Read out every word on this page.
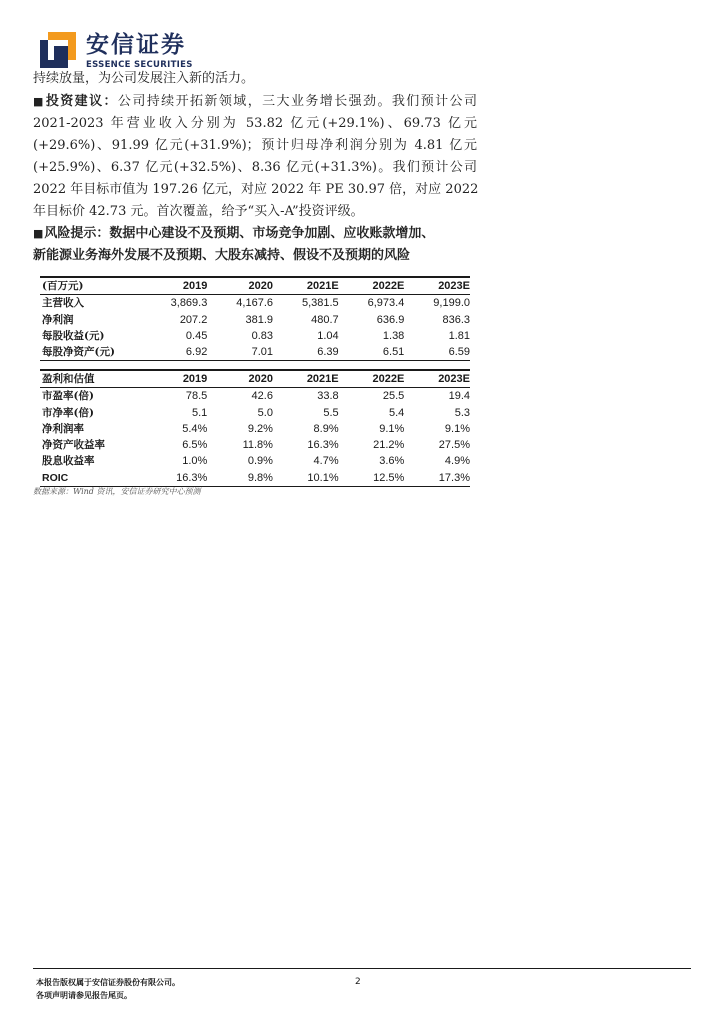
安信证券
ESSENCE SECURITIES
持续放量，为公司发展注入新的活力。
■投资建议：公司持续开拓新领域，三大业务增长强劲。我们预计公司
2021-2023 年营业收入分别为 53.82 亿元(+29.1%)、69.73 亿元
(+29.6%)、91.99 亿元(+31.9%)；预计归母净利润分别为 4.81 亿元
(+25.9%)、6.37 亿元(+32.5%)、8.36 亿元(+31.3%)。我们预计公司
2022 年目标市值为 197.26 亿元，对应 2022 年 PE 30.97 倍，对应 2022
年目标价 42.73 元。首次覆盖，给予“买入-A”投资评级。
■风险提示：数据中心建设不及预期、市场竞争加剧、应收账款增加、
新能源业务海外发展不及预期、大股东减持、假设不及预期的风险
(百万元)	2019	2020	2021E	2022E	2023E
主营收入	3,869.3	4,167.6	5,381.5	6,973.4	9,199.0
净利润	207.2	381.9	480.7	636.9	836.3
每股收益(元)	0.45	0.83	1.04	1.38	1.81
每股净资产(元)	6.92	7.01	6.39	6.51	6.59
盈利和估值	2019	2020	2021E	2022E	2023E
市盈率(倍)	78.5	42.6	33.8	25.5	19.4
市净率(倍)	5.1	5.0	5.5	5.4	5.3
净利润率	5.4%	9.2%	8.9%	9.1%	9.1%
净资产收益率	6.5%	11.8%	16.3%	21.2%	27.5%
股息收益率	1.0%	0.9%	4.7%	3.6%	4.9%
ROIC	16.3%	9.8%	10.1%	12.5%	17.3%
数据来源：Wind 资讯，安信证券研究中心预测
本报告版权属于安信证券股份有限公司。
各项声明请参见报告尾页。
2
